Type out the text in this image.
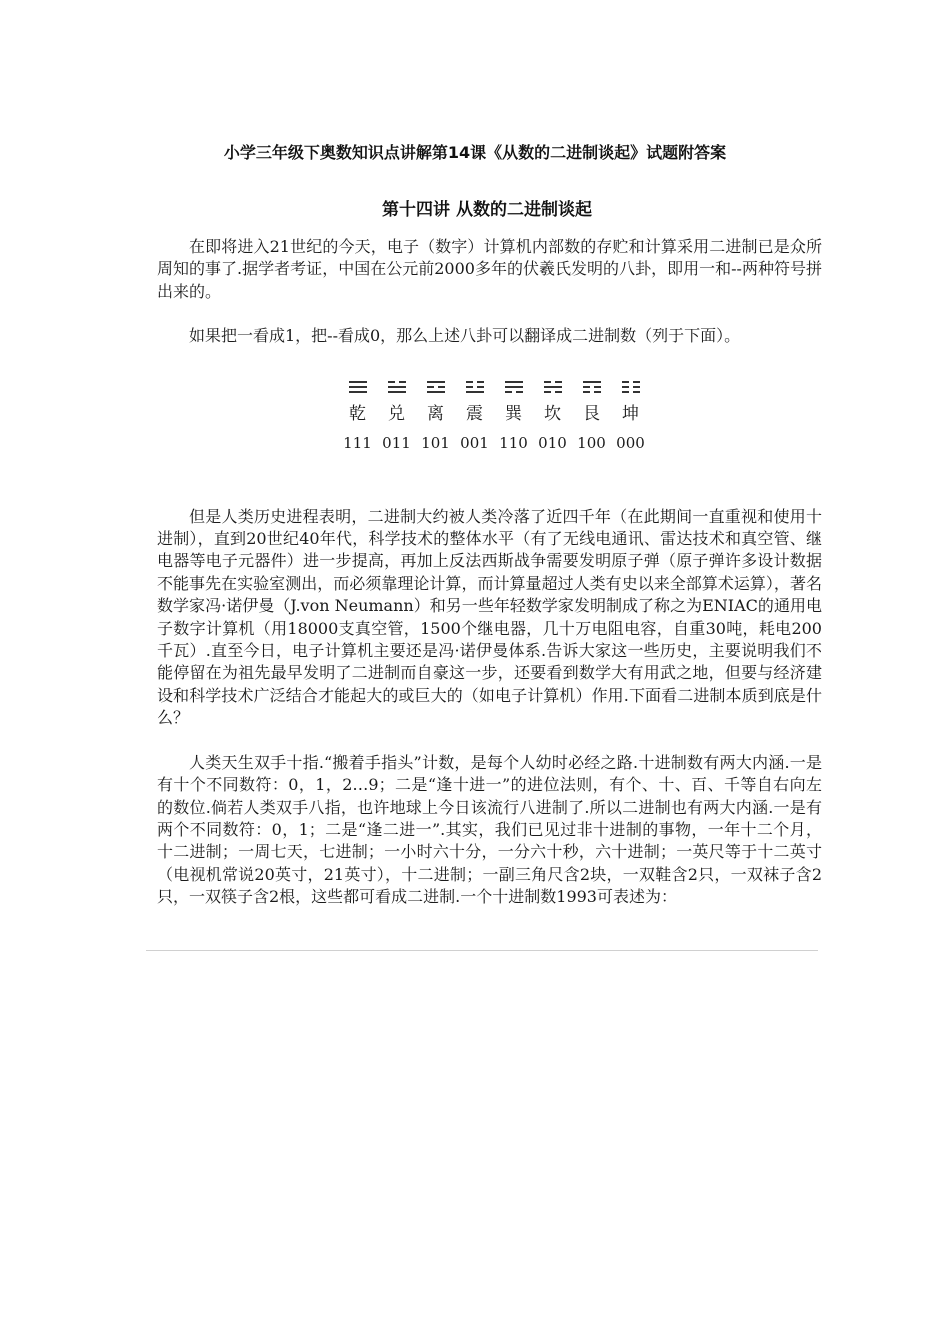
小学三年级下奥数知识点讲解第14课《从数的二进制谈起》试题附答案
第十四讲 从数的二进制谈起

在即将进入21世纪的今天，电子（数字）计算机内部数的存贮和计算采用二进制已是众所周知的事了.据学者考证，中国在公元前2000多年的伏羲氏发明的八卦，即用一和--两种符号拼出来的。

如果把一看成1，把--看成0，那么上述八卦可以翻译成二进制数（列于下面）。

乾	兑	离	震	巽	坎	艮	坤
111	011	101	001	110	010	100	000

但是人类历史进程表明，二进制大约被人类冷落了近四千年（在此期间一直重视和使用十进制），直到20世纪40年代，科学技术的整体水平（有了无线电通讯、雷达技术和真空管、继电器等电子元器件）进一步提高，再加上反法西斯战争需要发明原子弹（原子弹许多设计数据不能事先在实验室测出，而必须靠理论计算，而计算量超过人类有史以来全部算术运算），著名数学家冯·诺伊曼（J.von Neumann）和另一些年轻数学家发明制成了称之为ENIAC的通用电子数字计算机（用18000支真空管，1500个继电器，几十万电阻电容，自重30吨，耗电200千瓦）.直至今日，电子计算机主要还是冯·诺伊曼体系.告诉大家这一些历史，主要说明我们不能停留在为祖先最早发明了二进制而自豪这一步，还要看到数学大有用武之地，但要与经济建设和科学技术广泛结合才能起大的或巨大的（如电子计算机）作用.下面看二进制本质到底是什么？

人类天生双手十指.“搬着手指头”计数，是每个人幼时必经之路.十进制数有两大内涵.一是有十个不同数符：0，1，2…9；二是“逢十进一”的进位法则，有个、十、百、千等自右向左的数位.倘若人类双手八指，也许地球上今日该流行八进制了.所以二进制也有两大内涵.一是有两个不同数符：0，1；二是“逢二进一”.其实，我们已见过非十进制的事物，一年十二个月，十二进制；一周七天，七进制；一小时六十分，一分六十秒，六十进制；一英尺等于十二英寸（电视机常说20英寸，21英寸），十二进制；一副三角尺含2块，一双鞋含2只，一双袜子含2只，一双筷子含2根，这些都可看成二进制.一个十进制数1993可表述为：
